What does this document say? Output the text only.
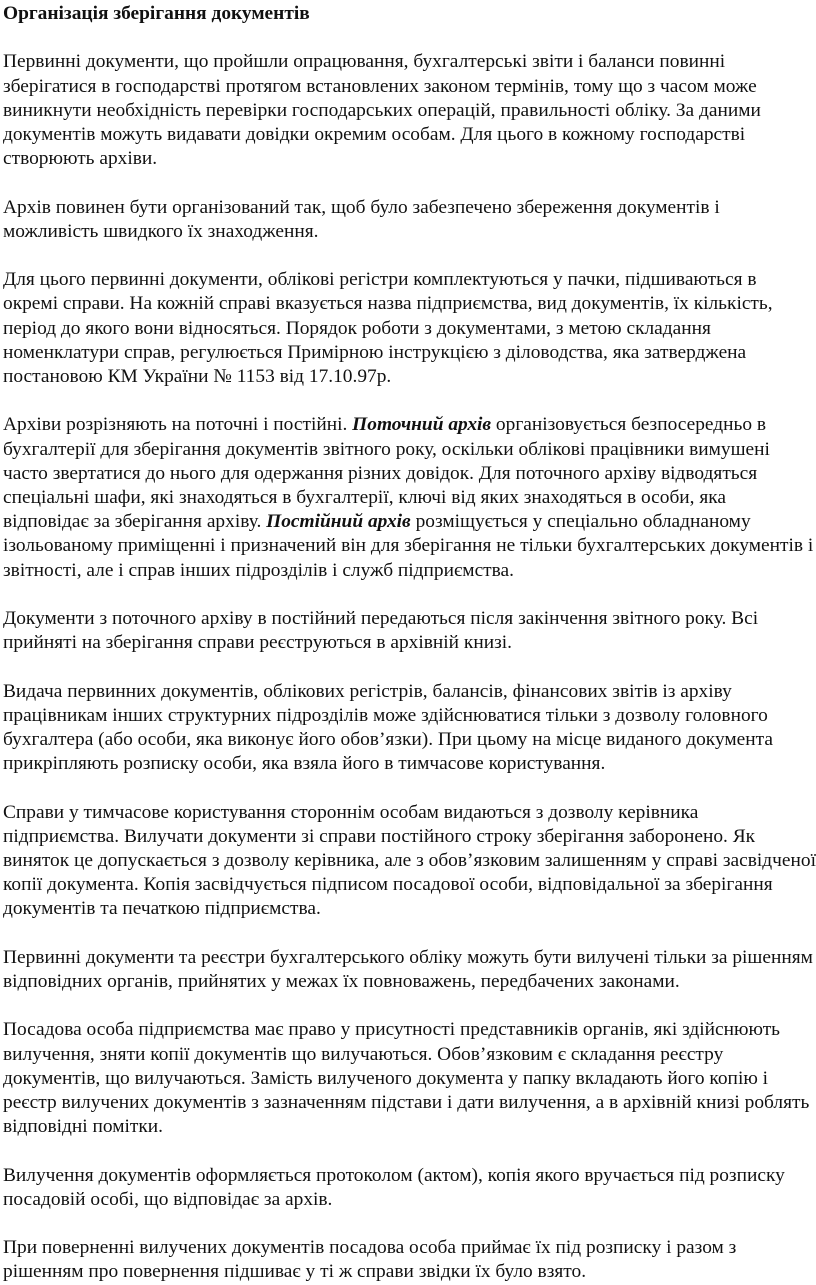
Організація зберігання документів

Первинні документи, що пройшли опрацювання, бухгалтерські звіти і баланси повинні зберігатися в господарстві протягом встановлених законом термінів, тому що з часом може виникнути необхідність перевірки господарських операцій, правильності обліку. За даними документів можуть видавати довідки окремим особам. Для цього в кожному господарстві створюють архіви.

Архів повинен бути організований так, щоб було забезпечено збереження документів і можливість швидкого їх знаходження.

Для цього первинні документи, облікові регістри комплектуються у пачки, підшиваються в окремі справи. На кожній справі вказується назва підприємства, вид документів, їх кількість, період до якого вони відносяться. Порядок роботи з документами, з метою складання номенклатури справ, регулюється Примірною інструкцією з діловодства, яка затверджена постановою КМ України № 1153 від 17.10.97р.

Архіви розрізняють на поточні і постійні. Поточний архів організовується безпосередньо в бухгалтерії для зберігання документів звітного року, оскільки облікові працівники вимушені часто звертатися до нього для одержання різних довідок. Для поточного архіву відводяться спеціальні шафи, які знаходяться в бухгалтерії, ключі від яких знаходяться в особи, яка відповідає за зберігання архіву. Постійний архів розміщується у спеціально обладнаному ізольованому приміщенні і призначений він для зберігання не тільки бухгалтерських документів і звітності, але і справ інших підрозділів і служб підприємства.

Документи з поточного архіву в постійний передаються після закінчення звітного року. Всі прийняті на зберігання справи реєструються в архівній книзі.

Видача первинних документів, облікових регістрів, балансів, фінансових звітів із архіву працівникам інших структурних підрозділів може здійснюватися тільки з дозволу головного бухгалтера (або особи, яка виконує його обов’язки). При цьому на місце виданого документа прикріпляють розписку особи, яка взяла його в тимчасове користування.

Справи у тимчасове користування стороннім особам видаються з дозволу керівника підприємства. Вилучати документи зі справи постійного строку зберігання заборонено. Як виняток це допускається з дозволу керівника, але з обов’язковим залишенням у справі засвідченої копії документа. Копія засвідчується підписом посадової особи, відповідальної за зберігання документів та печаткою підприємства.

Первинні документи та реєстри бухгалтерського обліку можуть бути вилучені тільки за рішенням відповідних органів, прийнятих у межах їх повноважень, передбачених законами.

Посадова особа підприємства має право у присутності представників органів, які здійснюють вилучення, зняти копії документів що вилучаються. Обов’язковим є складання реєстру документів, що вилучаються. Замість вилученого документа у папку вкладають його копію і реєстр вилучених документів з зазначенням підстави і дати вилучення, а в архівній книзі роблять відповідні помітки.

Вилучення документів оформляється протоколом (актом), копія якого вручається під розписку посадовій особі, що відповідає за архів.

При поверненні вилучених документів посадова особа приймає їх під розписку і разом з рішенням про повернення підшиває у ті ж справи звідки їх було взято.
